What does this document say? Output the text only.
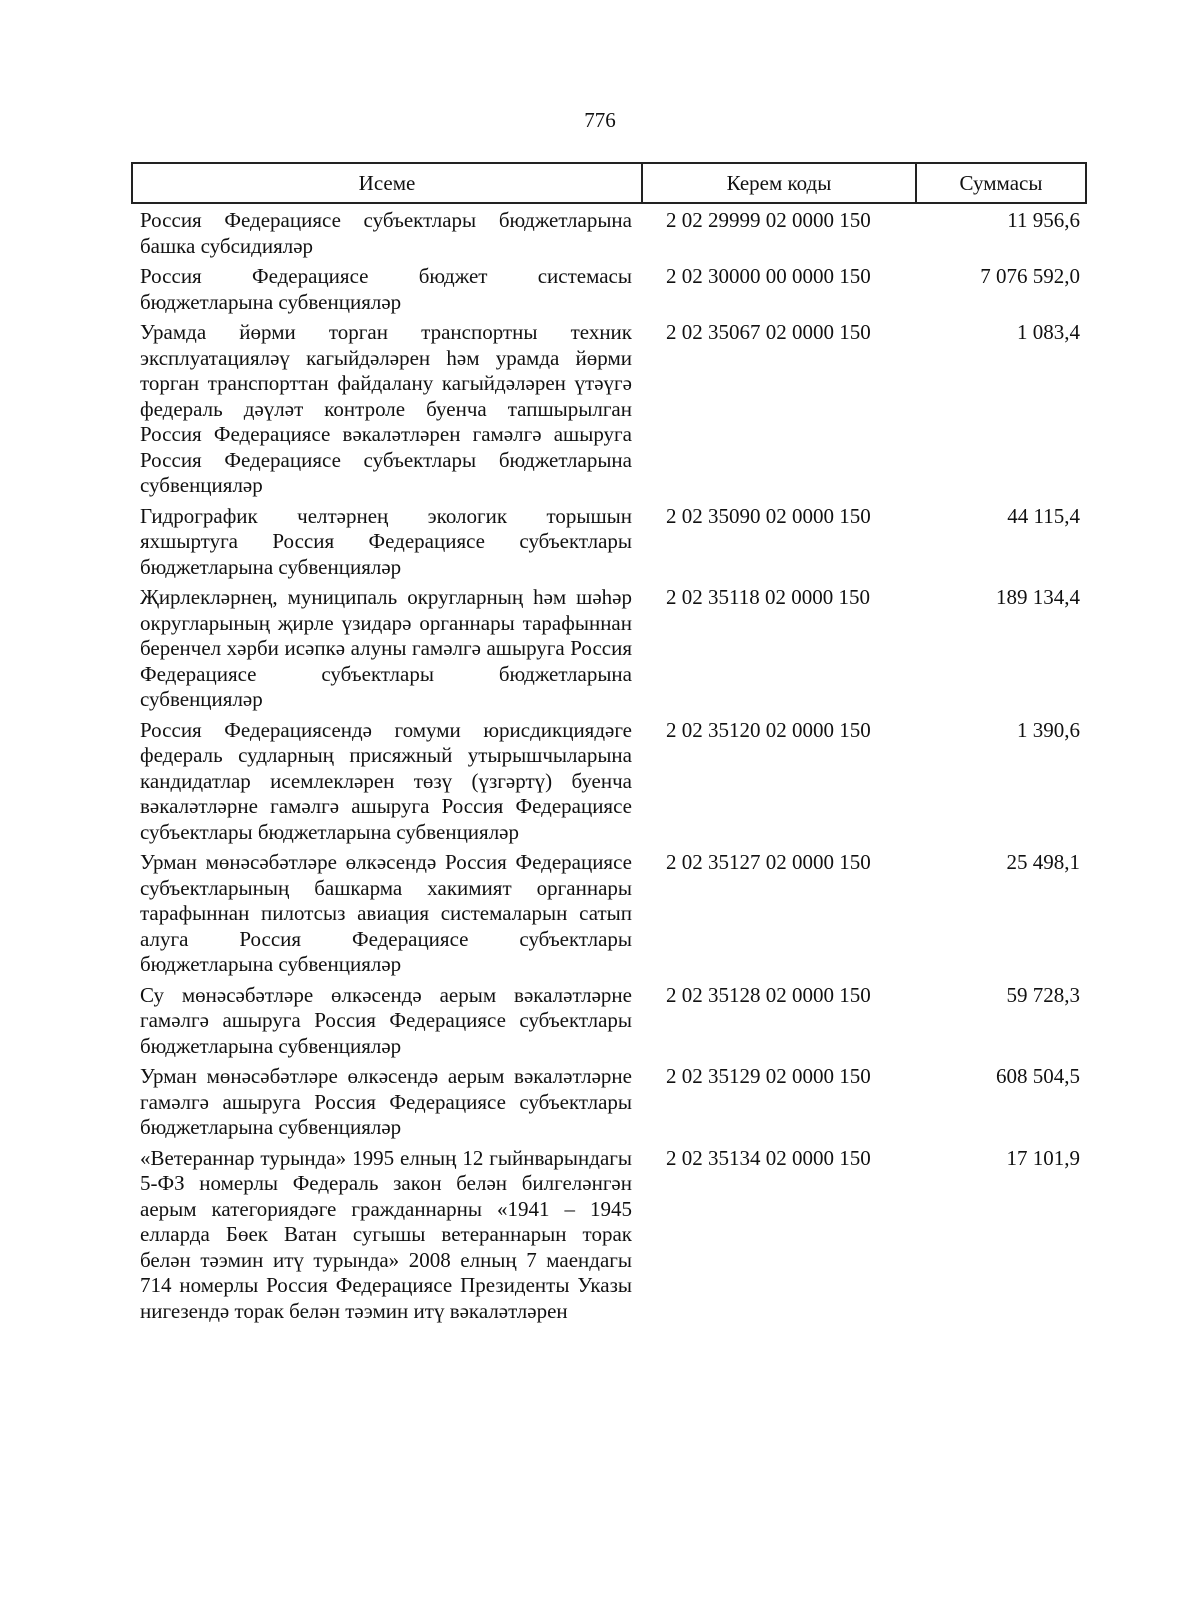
776
Исеме	Керем коды	Суммасы
Россия Федерациясе субъектлары бюджетларына башка субсидияләр	2 02 29999 02 0000 150	11 956,6
Россия Федерациясе бюджет системасы бюджетларына субвенцияләр	2 02 30000 00 0000 150	7 076 592,0
Урамда йөрми торган транспортны техник эксплуатацияләү кагыйдәләрен һәм урамда йөрми торган транспорттан файдалану кагыйдәләрен үтәүгә федераль дәүләт контроле буенча тапшырылган Россия Федерациясе вәкаләтләрен гамәлгә ашыруга Россия Федерациясе субъектлары бюджетларына субвенцияләр	2 02 35067 02 0000 150	1 083,4
Гидрографик челтәрнең экологик торышын яхшыртуга Россия Федерациясе субъектлары бюджетларына субвенцияләр	2 02 35090 02 0000 150	44 115,4
Җирлекләрнең, муниципаль округларның һәм шәһәр округларының җирле үзидарә органнары тарафыннан беренчел хәрби исәпкә алуны гамәлгә ашыруга Россия Федерациясе субъектлары бюджетларына субвенцияләр	2 02 35118 02 0000 150	189 134,4
Россия Федерациясендә гомуми юрисдикциядәге федераль судларның присяжный утырышчыларына кандидатлар исемлекләрен төзү (үзгәртү) буенча вәкаләтләрне гамәлгә ашыруга Россия Федерациясе субъектлары бюджетларына субвенцияләр	2 02 35120 02 0000 150	1 390,6
Урман мөнәсәбәтләре өлкәсендә Россия Федерациясе субъектларының башкарма хакимият органнары тарафыннан пилотсыз авиация системаларын сатып алуга Россия Федерациясе субъектлары бюджетларына субвенцияләр	2 02 35127 02 0000 150	25 498,1
Су мөнәсәбәтләре өлкәсендә аерым вәкаләтләрне гамәлгә ашыруга Россия Федерациясе субъектлары бюджетларына субвенцияләр	2 02 35128 02 0000 150	59 728,3
Урман мөнәсәбәтләре өлкәсендә аерым вәкаләтләрне гамәлгә ашыруга Россия Федерациясе субъектлары бюджетларына субвенцияләр	2 02 35129 02 0000 150	608 504,5
«Ветераннар турында» 1995 елның 12 гыйнварындагы 5-ФЗ номерлы Федераль закон белән билгеләнгән аерым категориядәге гражданнарны «1941 – 1945 елларда Бөек Ватан сугышы ветераннарын торак белән тәэмин итү турында» 2008 елның 7 маендагы 714 номерлы Россия Федерациясе Президенты Указы нигезендә торак белән тәэмин итү вәкаләтләрен	2 02 35134 02 0000 150	17 101,9
